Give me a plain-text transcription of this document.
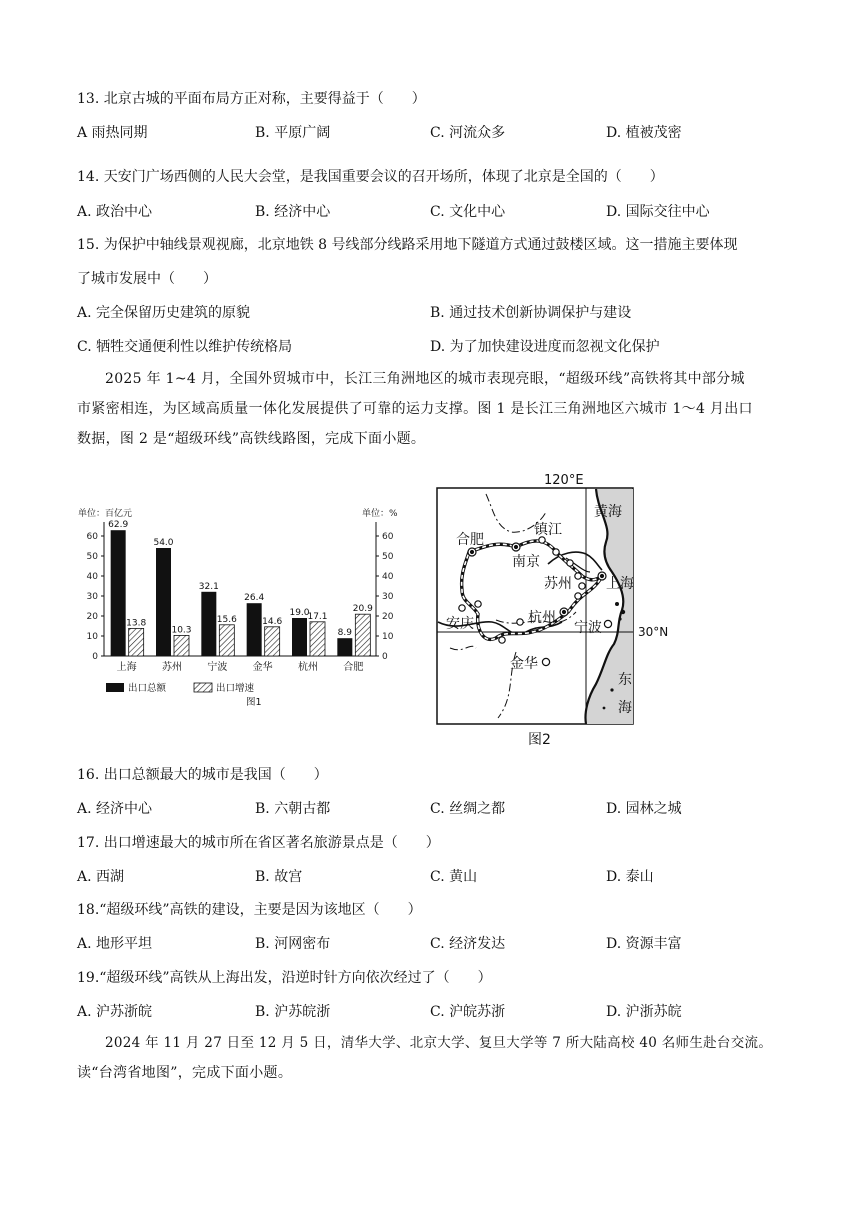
13. 北京古城的平面布局方正对称，主要得益于（　　）
A 雨热同期	B. 平原广阔	C. 河流众多	D. 植被茂密
14. 天安门广场西侧的人民大会堂，是我国重要会议的召开场所，体现了北京是全国的（　　）
A. 政治中心	B. 经济中心	C. 文化中心	D. 国际交往中心
15. 为保护中轴线景观视廊，北京地铁 8 号线部分线路采用地下隧道方式通过鼓楼区域。这一措施主要体现
了城市发展中（　　）
A. 完全保留历史建筑的原貌	B. 通过技术创新协调保护与建设
C. 牺牲交通便利性以维护传统格局	D. 为了加快建设进度而忽视文化保护
2025 年 1~4 月，全国外贸城市中，长江三角洲地区的城市表现亮眼，“超级环线”高铁将其中部分城
市紧密相连，为区域高质量一体化发展提供了可靠的运力支撑。图 1 是长江三角洲地区六城市 1～4 月出口
数据，图 2 是“超级环线”高铁线路图，完成下面小题。
单位：百亿元	单位：%
0	0
10	10
20	20
30	30
40	40
50	50
60	60
62.9
13.8
上海
54.0
10.3
苏州
32.1
15.6
宁波
26.4
14.6
金华
19.0
17.1
杭州
8.9
20.9
合肥
出口总额	出口增速
图1
120°E
30°N
黄海
东
海
合肥
镇江
南京
苏州 上海
安庆	杭州
宁波
金华
图2
16. 出口总额最大的城市是我国（　　）
A. 经济中心	B. 六朝古都	C. 丝绸之都	D. 园林之城
17. 出口增速最大的城市所在省区著名旅游景点是（　　）
A. 西湖	B. 故宫	C. 黄山	D. 泰山
18.“超级环线”高铁的建设，主要是因为该地区（　　）
A. 地形平坦	B. 河网密布	C. 经济发达	D. 资源丰富
19.“超级环线”高铁从上海出发，沿逆时针方向依次经过了（　　）
A. 沪苏浙皖	B. 沪苏皖浙	C. 沪皖苏浙	D. 沪浙苏皖
2024 年 11 月 27 日至 12 月 5 日，清华大学、北京大学、复旦大学等 7 所大陆高校 40 名师生赴台交流。
读“台湾省地图”，完成下面小题。
